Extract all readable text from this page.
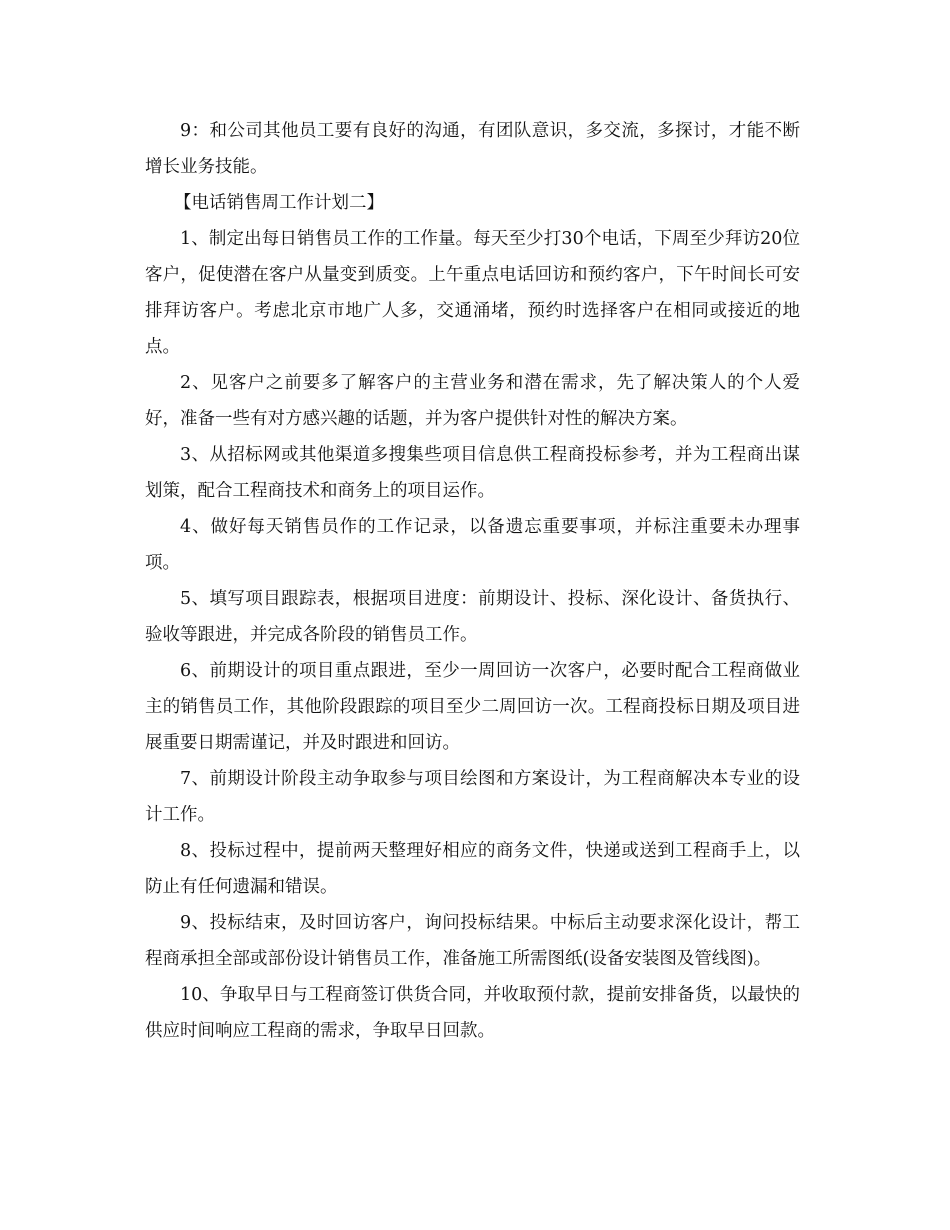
9：和公司其他员工要有良好的沟通，有团队意识，多交流，多探讨，才能不断增长业务技能。

【电话销售周工作计划二】

1、制定出每日销售员工作的工作量。每天至少打30个电话，下周至少拜访20位客户，促使潜在客户从量变到质变。上午重点电话回访和预约客户，下午时间长可安排拜访客户。考虑北京市地广人多，交通涌堵，预约时选择客户在相同或接近的地点。

2、见客户之前要多了解客户的主营业务和潜在需求，先了解决策人的个人爱好，准备一些有对方感兴趣的话题，并为客户提供针对性的解决方案。

3、从招标网或其他渠道多搜集些项目信息供工程商投标参考，并为工程商出谋划策，配合工程商技术和商务上的项目运作。

4、做好每天销售员作的工作记录，以备遗忘重要事项，并标注重要未办理事项。

5、填写项目跟踪表，根据项目进度：前期设计、投标、深化设计、备货执行、验收等跟进，并完成各阶段的销售员工作。

6、前期设计的项目重点跟进，至少一周回访一次客户，必要时配合工程商做业主的销售员工作，其他阶段跟踪的项目至少二周回访一次。工程商投标日期及项目进展重要日期需谨记，并及时跟进和回访。

7、前期设计阶段主动争取参与项目绘图和方案设计，为工程商解决本专业的设计工作。

8、投标过程中，提前两天整理好相应的商务文件，快递或送到工程商手上，以防止有任何遗漏和错误。

9、投标结束，及时回访客户，询问投标结果。中标后主动要求深化设计，帮工程商承担全部或部份设计销售员工作，准备施工所需图纸(设备安装图及管线图)。

10、争取早日与工程商签订供货合同，并收取预付款，提前安排备货，以最快的供应时间响应工程商的需求，争取早日回款。
